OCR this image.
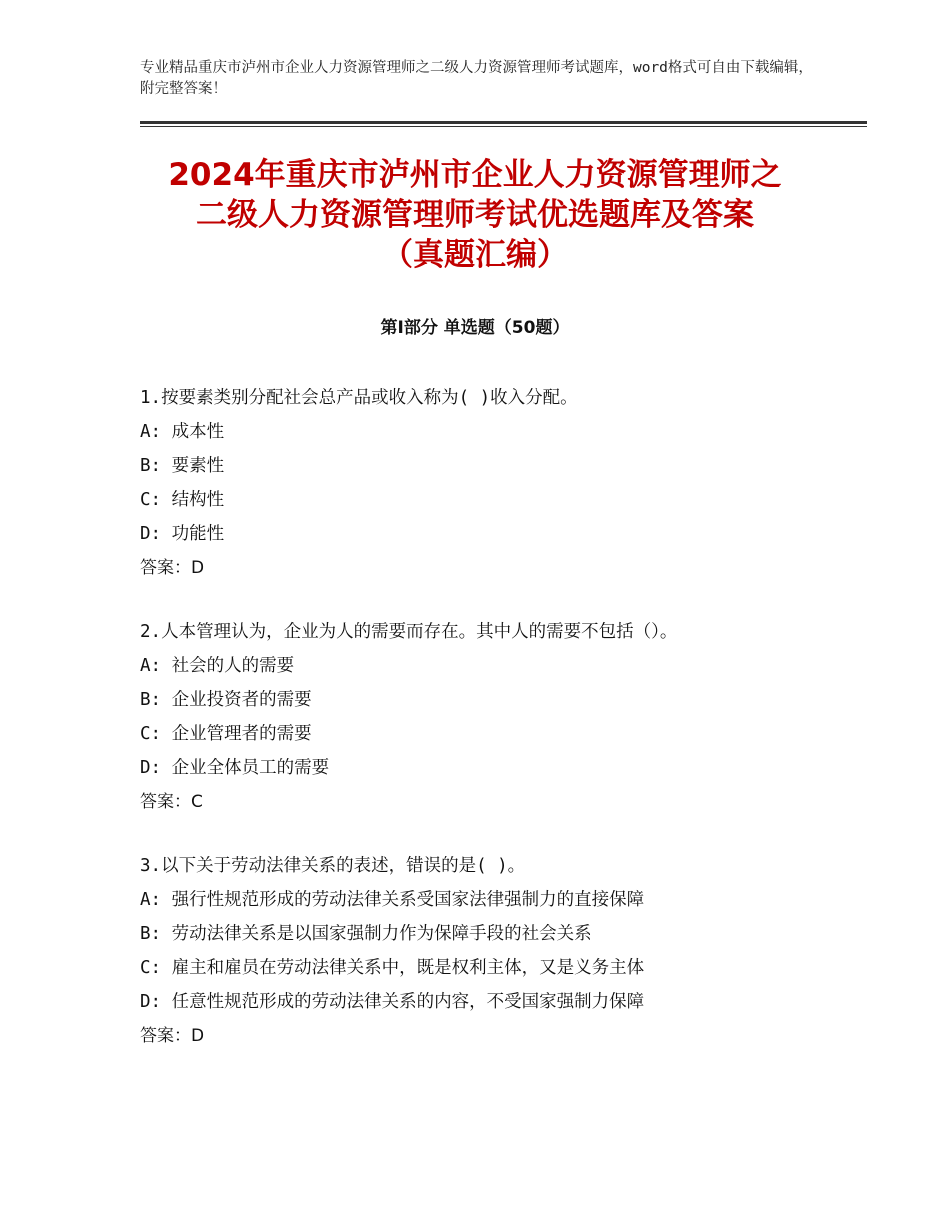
专业精品重庆市泸州市企业人力资源管理师之二级人力资源管理师考试题库，word格式可自由下载编辑，附完整答案！
2024年重庆市泸州市企业人力资源管理师之
二级人力资源管理师考试优选题库及答案
（真题汇编）
第Ⅰ部分 单选题（50题）
1.按要素类别分配社会总产品或收入称为( )收入分配。
A: 成本性
B: 要素性
C: 结构性
D: 功能性
答案：D
2.人本管理认为，企业为人的需要而存在。其中人的需要不包括（）。
A: 社会的人的需要
B: 企业投资者的需要
C: 企业管理者的需要
D: 企业全体员工的需要
答案：C
3.以下关于劳动法律关系的表述，错误的是( )。
A: 强行性规范形成的劳动法律关系受国家法律强制力的直接保障
B: 劳动法律关系是以国家强制力作为保障手段的社会关系
C: 雇主和雇员在劳动法律关系中，既是权利主体，又是义务主体
D: 任意性规范形成的劳动法律关系的内容，不受国家强制力保障
答案：D
